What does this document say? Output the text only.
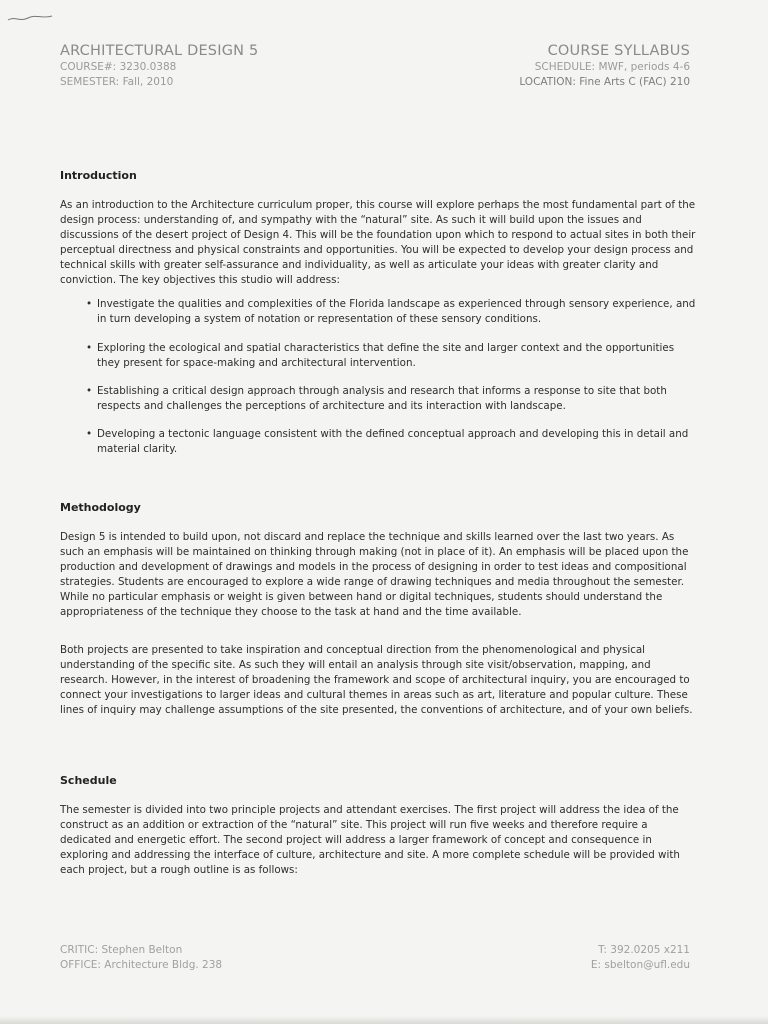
ARCHITECTURAL DESIGN 5
COURSE#: 3230.0388
SEMESTER: Fall, 2010
COURSE SYLLABUS
SCHEDULE: MWF, periods 4-6
LOCATION: Fine Arts C (FAC) 210
Introduction

As an introduction to the Architecture curriculum proper, this course will explore perhaps the most fundamental part of the design process: understanding of, and sympathy with the “natural” site. As such it will build upon the issues and discussions of the desert project of Design 4. This will be the foundation upon which to respond to actual sites in both their perceptual directness and physical constraints and opportunities. You will be expected to develop your design process and technical skills with greater self-assurance and individuality, as well as articulate your ideas with greater clarity and conviction. The key objectives this studio will address:

• Investigate the qualities and complexities of the Florida landscape as experienced through sensory experience, and in turn developing a system of notation or representation of these sensory conditions.

• Exploring the ecological and spatial characteristics that define the site and larger context and the opportunities they present for space-making and architectural intervention.

• Establishing a critical design approach through analysis and research that informs a response to site that both respects and challenges the perceptions of architecture and its interaction with landscape.

• Developing a tectonic language consistent with the defined conceptual approach and developing this in detail and material clarity.

Methodology

Design 5 is intended to build upon, not discard and replace the technique and skills learned over the last two years. As such an emphasis will be maintained on thinking through making (not in place of it). An emphasis will be placed upon the production and development of drawings and models in the process of designing in order to test ideas and compositional strategies. Students are encouraged to explore a wide range of drawing techniques and media throughout the semester. While no particular emphasis or weight is given between hand or digital techniques, students should understand the appropriateness of the technique they choose to the task at hand and the time available.

Both projects are presented to take inspiration and conceptual direction from the phenomenological and physical understanding of the specific site. As such they will entail an analysis through site visit/observation, mapping, and research. However, in the interest of broadening the framework and scope of architectural inquiry, you are encouraged to connect your investigations to larger ideas and cultural themes in areas such as art, literature and popular culture. These lines of inquiry may challenge assumptions of the site presented, the conventions of architecture, and of your own beliefs.

Schedule

The semester is divided into two principle projects and attendant exercises. The first project will address the idea of the construct as an addition or extraction of the “natural” site. This project will run five weeks and therefore require a dedicated and energetic effort. The second project will address a larger framework of concept and consequence in exploring and addressing the interface of culture, architecture and site. A more complete schedule will be provided with each project, but a rough outline is as follows:

CRITIC: Stephen Belton
OFFICE: Architecture Bldg. 238
T: 392.0205 x211
E: sbelton@ufl.edu
